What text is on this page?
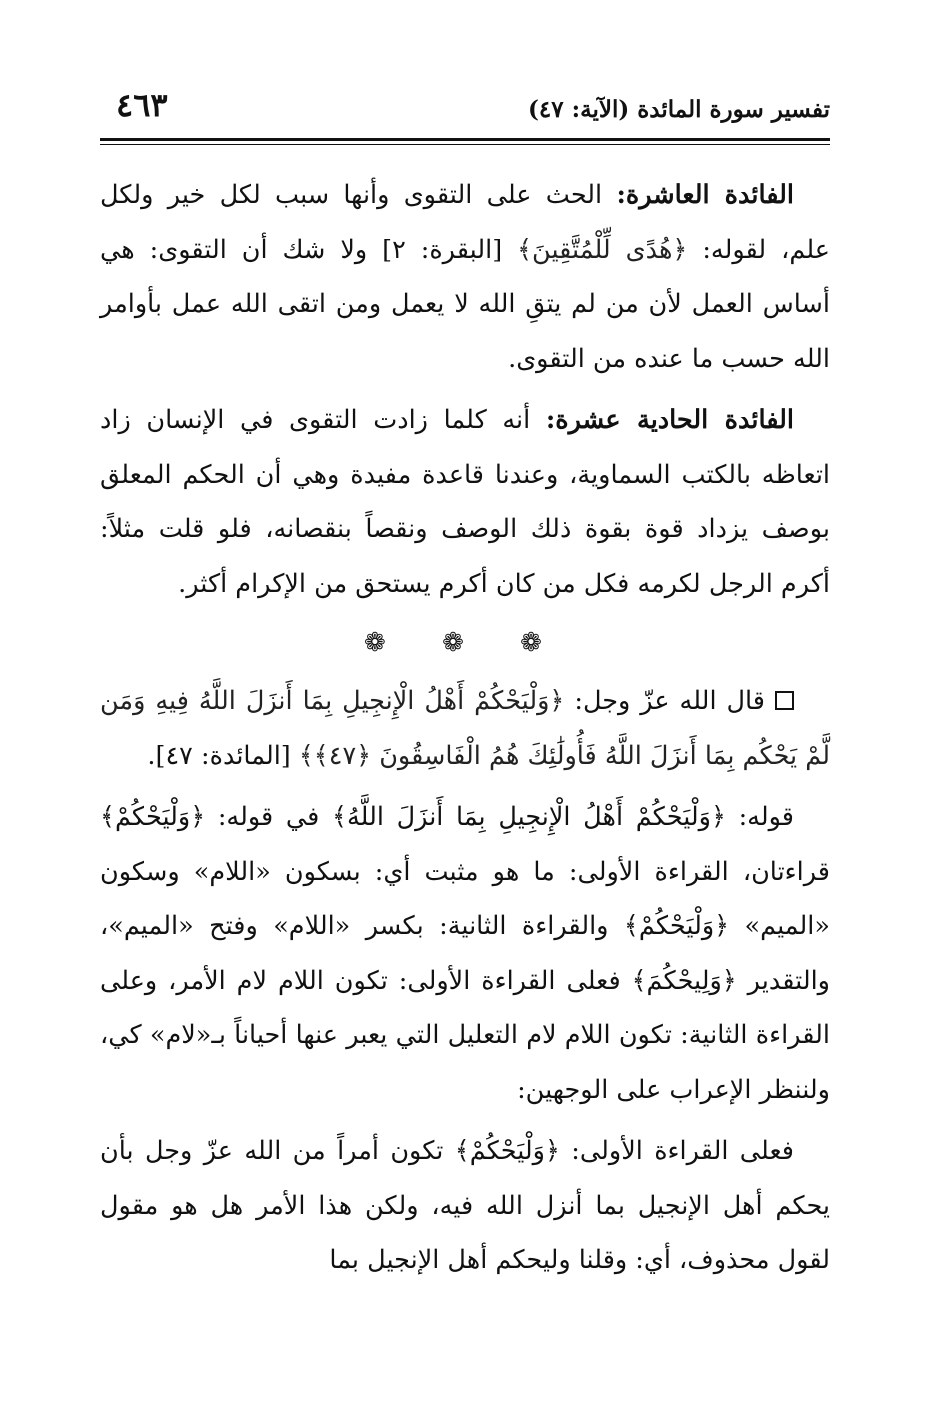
تفسير سورة المائدة (الآية: ٤٧)
٤٦٣

الفائدة العاشرة: الحث على التقوى وأنها سبب لكل خير ولكل علم، لقوله: ﴿هُدًى لِّلْمُتَّقِينَ﴾ [البقرة: ٢] ولا شك أن التقوى: هي أساس العمل لأن من لم يتقِ الله لا يعمل ومن اتقى الله عمل بأوامر الله حسب ما عنده من التقوى.

الفائدة الحادية عشرة: أنه كلما زادت التقوى في الإنسان زاد اتعاظه بالكتب السماوية، وعندنا قاعدة مفيدة وهي أن الحكم المعلق بوصف يزداد قوة بقوة ذلك الوصف ونقصاً بنقصانه، فلو قلت مثلاً: أكرم الرجل لكرمه فكل من كان أكرم يستحق من الإكرام أكثر.

❁ ❁ ❁

قال الله عزّ وجل: ﴿وَلْيَحْكُمْ أَهْلُ الْإِنجِيلِ بِمَا أَنزَلَ اللَّهُ فِيهِ وَمَن لَّمْ يَحْكُم بِمَا أَنزَلَ اللَّهُ فَأُولَٰئِكَ هُمُ الْفَاسِقُونَ ﴿٤٧﴾﴾ [المائدة: ٤٧].

قوله: ﴿وَلْيَحْكُمْ أَهْلُ الْإِنجِيلِ بِمَا أَنزَلَ اللَّهُ﴾ في قوله: ﴿وَلْيَحْكُمْ﴾ قراءتان، القراءة الأولى: ما هو مثبت أي: بسكون «اللام» وسكون «الميم» ﴿وَلْيَحْكُمْ﴾ والقراءة الثانية: بكسر «اللام» وفتح «الميم»، والتقدير ﴿وَلِيحْكُمَ﴾ فعلى القراءة الأولى: تكون اللام لام الأمر، وعلى القراءة الثانية: تكون اللام لام التعليل التي يعبر عنها أحياناً بـ«لام» كي، ولننظر الإعراب على الوجهين:

فعلى القراءة الأولى: ﴿وَلْيَحْكُمْ﴾ تكون أمراً من الله عزّ وجل بأن يحكم أهل الإنجيل بما أنزل الله فيه، ولكن هذا الأمر هل هو مقول لقول محذوف، أي: وقلنا وليحكم أهل الإنجيل بما
